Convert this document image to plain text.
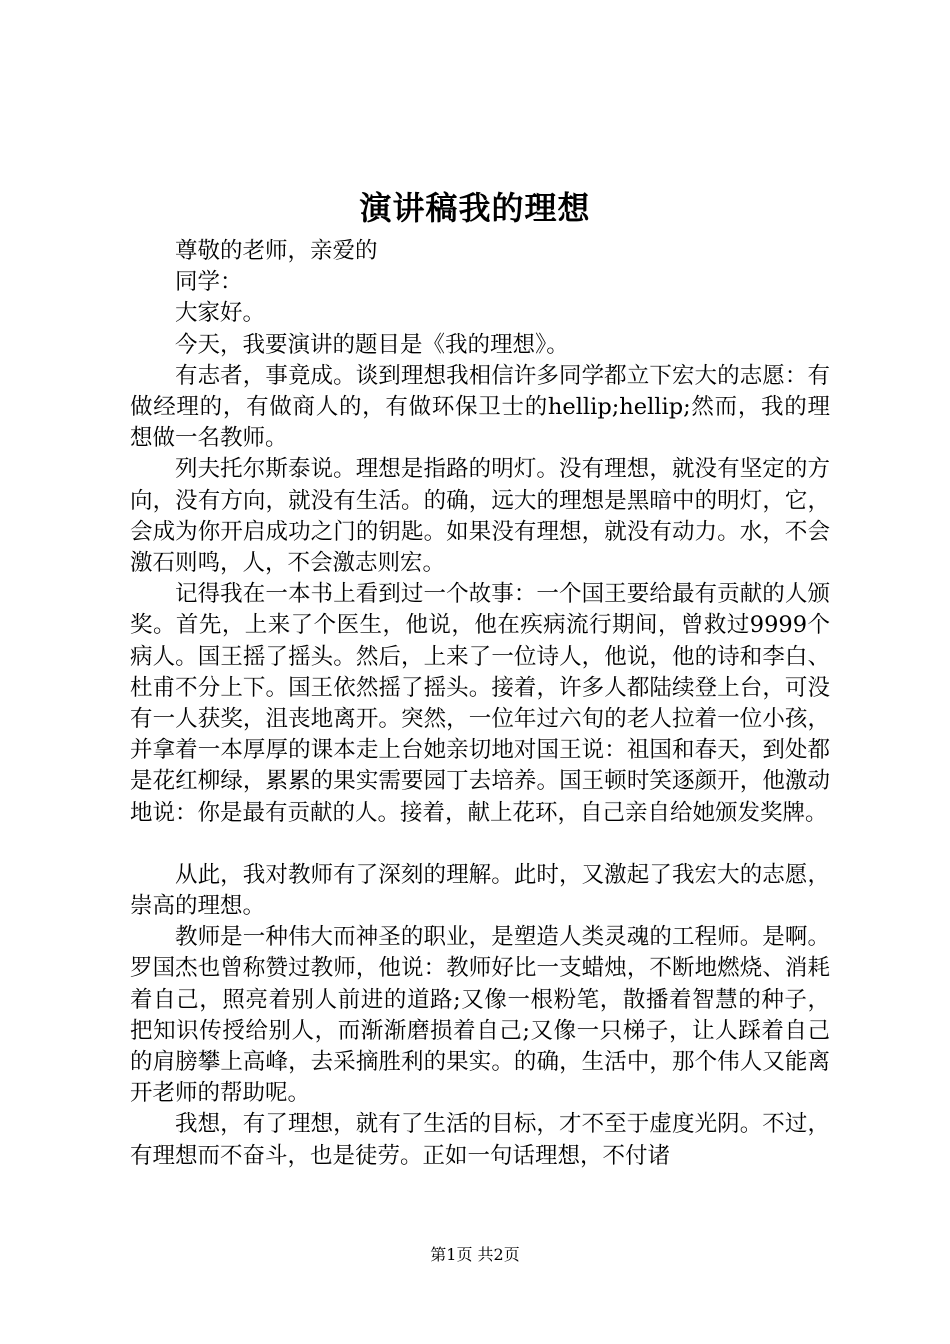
演讲稿我的理想

尊敬的老师，亲爱的

同学：

大家好。

今天，我要演讲的题目是《我的理想》。

有志者，事竟成。谈到理想我相信许多同学都立下宏大的志愿：有做经理的，有做商人的，有做环保卫士的hellip;hellip;然而，我的理想做一名教师。

列夫托尔斯泰说。理想是指路的明灯。没有理想，就没有坚定的方向，没有方向，就没有生活。的确，远大的理想是黑暗中的明灯，它，会成为你开启成功之门的钥匙。如果没有理想，就没有动力。水，不会激石则鸣，人，不会激志则宏。

记得我在一本书上看到过一个故事：一个国王要给最有贡献的人颁奖。首先，上来了个医生，他说，他在疾病流行期间，曾救过9999个病人。国王摇了摇头。然后，上来了一位诗人，他说，他的诗和李白、杜甫不分上下。国王依然摇了摇头。接着，许多人都陆续登上台，可没有一人获奖，沮丧地离开。突然，一位年过六旬的老人拉着一位小孩，并拿着一本厚厚的课本走上台她亲切地对国王说：祖国和春天，到处都是花红柳绿，累累的果实需要园丁去培养。国王顿时笑逐颜开，他激动地说：你是最有贡献的人。接着，献上花环，自己亲自给她颁发奖牌。

从此，我对教师有了深刻的理解。此时，又激起了我宏大的志愿，崇高的理想。

教师是一种伟大而神圣的职业，是塑造人类灵魂的工程师。是啊。罗国杰也曾称赞过教师，他说：教师好比一支蜡烛，不断地燃烧、消耗着自己，照亮着别人前进的道路;又像一根粉笔，散播着智慧的种子，把知识传授给别人，而渐渐磨损着自己;又像一只梯子，让人踩着自己的肩膀攀上高峰，去采摘胜利的果实。的确，生活中，那个伟人又能离开老师的帮助呢。

我想，有了理想，就有了生活的目标，才不至于虚度光阴。不过，有理想而不奋斗，也是徒劳。正如一句话理想，不付诸

第1页 共2页
